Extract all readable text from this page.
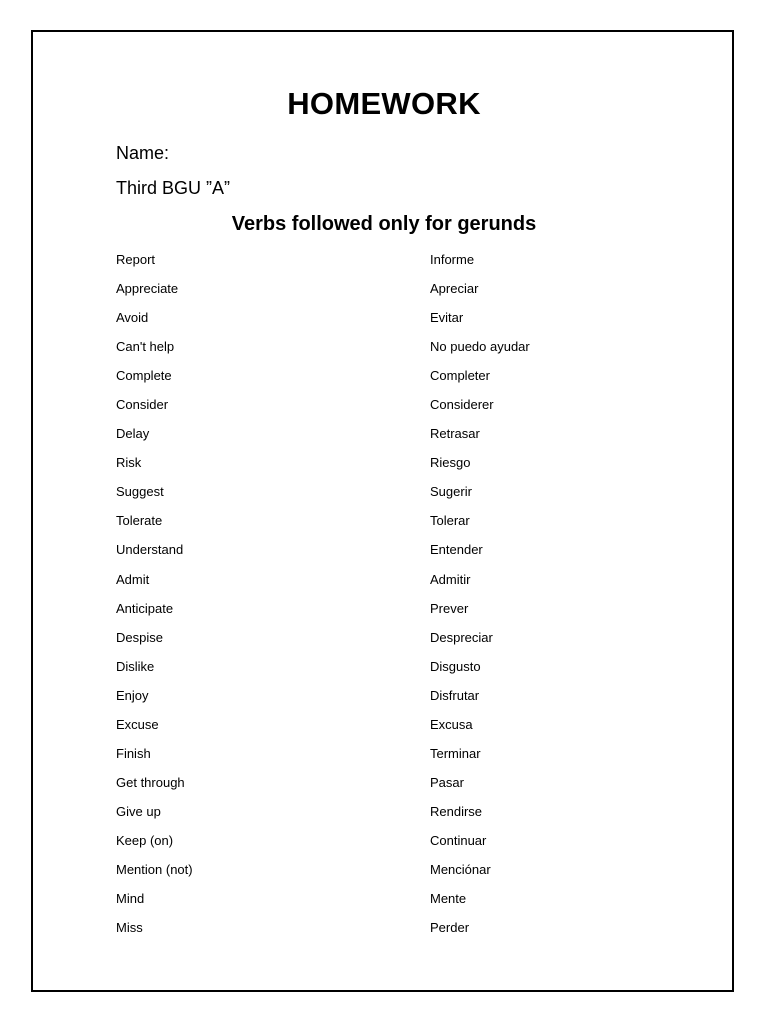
HOMEWORK
Name:
Third BGU ”A”
Verbs followed only for gerunds
Report	Informe
Appreciate	Apreciar
Avoid	Evitar
Can't help	No puedo ayudar
Complete	Completer
Consider	Considerer
Delay	Retrasar
Risk	Riesgo
Suggest	Sugerir
Tolerate	Tolerar
Understand	Entender
Admit	Admitir
Anticipate	Prever
Despise	Despreciar
Dislike	Disgusto
Enjoy	Disfrutar
Excuse	Excusa
Finish	Terminar
Get through	Pasar
Give up	Rendirse
Keep (on)	Continuar
Mention (not)	Menciónar
Mind	Mente
Miss	Perder
